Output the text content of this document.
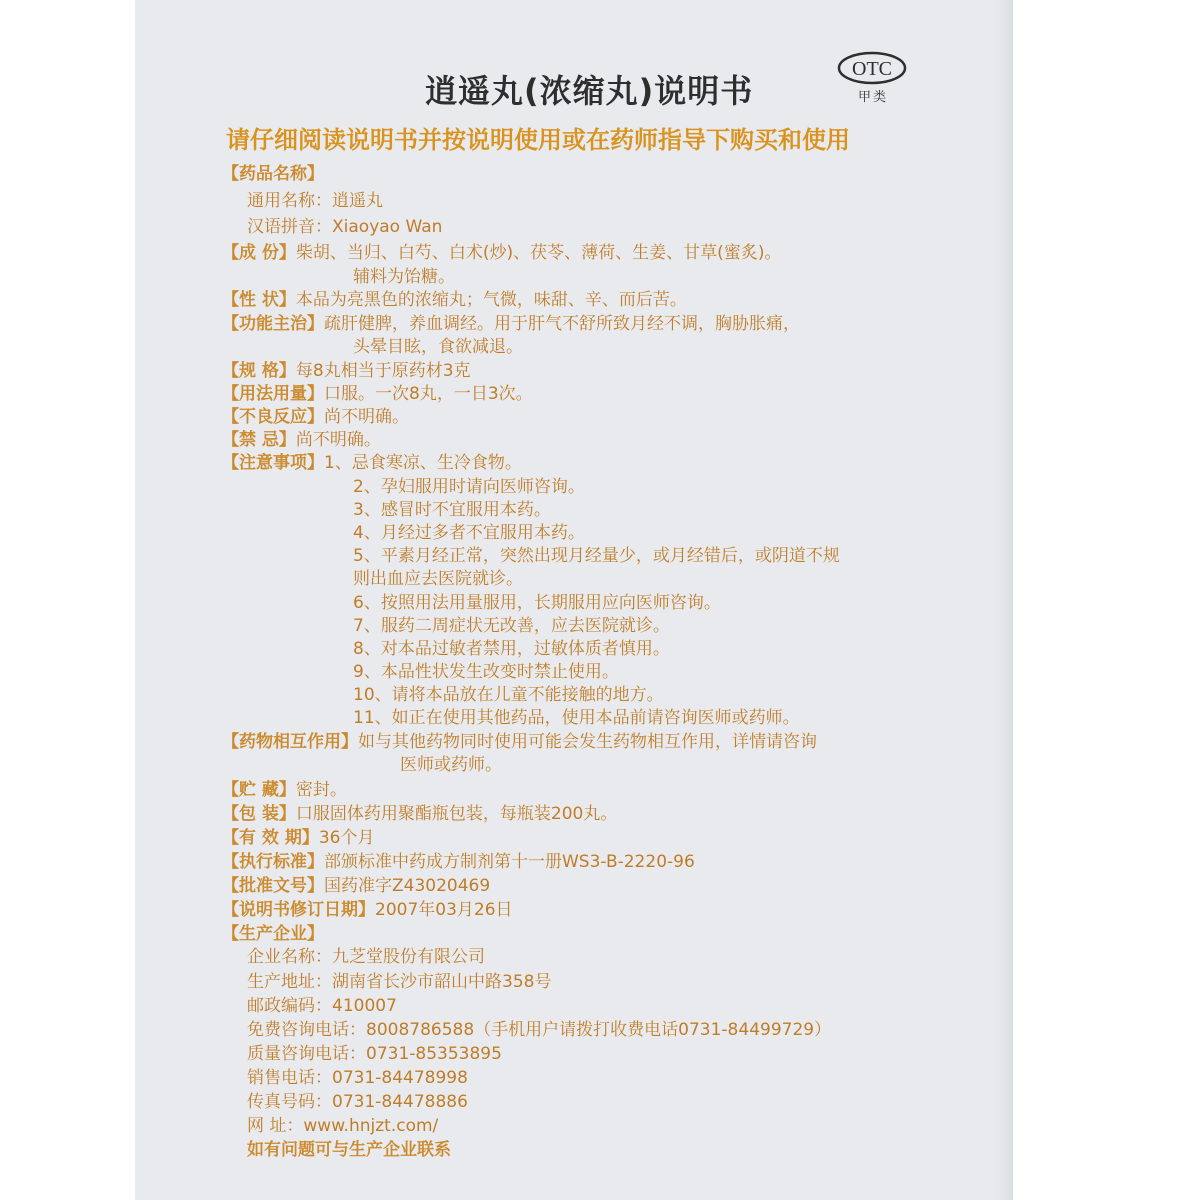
逍遥丸(浓缩丸)说明书
OTC
甲类
请仔细阅读说明书并按说明使用或在药师指导下购买和使用
【药品名称】
通用名称：逍遥丸
汉语拼音：Xiaoyao Wan
【成 份】柴胡、当归、白芍、白术(炒)、茯苓、薄荷、生姜、甘草(蜜炙)。
辅料为饴糖。
【性 状】本品为亮黑色的浓缩丸；气微，味甜、辛、而后苦。
【功能主治】疏肝健脾，养血调经。用于肝气不舒所致月经不调，胸胁胀痛，
头晕目眩，食欲减退。
【规 格】每8丸相当于原药材3克
【用法用量】口服。一次8丸，一日3次。
【不良反应】尚不明确。
【禁 忌】尚不明确。
【注意事项】1、忌食寒凉、生冷食物。
2、孕妇服用时请向医师咨询。
3、感冒时不宜服用本药。
4、月经过多者不宜服用本药。
5、平素月经正常，突然出现月经量少，或月经错后，或阴道不规
则出血应去医院就诊。
6、按照用法用量服用，长期服用应向医师咨询。
7、服药二周症状无改善，应去医院就诊。
8、对本品过敏者禁用，过敏体质者慎用。
9、本品性状发生改变时禁止使用。
10、请将本品放在儿童不能接触的地方。
11、如正在使用其他药品，使用本品前请咨询医师或药师。
【药物相互作用】如与其他药物同时使用可能会发生药物相互作用，详情请咨询
医师或药师。
【贮 藏】密封。
【包 装】口服固体药用聚酯瓶包装，每瓶装200丸。
【有 效 期】36个月
【执行标准】部颁标准中药成方制剂第十一册WS3-B-2220-96
【批准文号】国药准字Z43020469
【说明书修订日期】2007年03月26日
【生产企业】
企业名称：九芝堂股份有限公司
生产地址：湖南省长沙市韶山中路358号
邮政编码：410007
免费咨询电话：8008786588（手机用户请拨打收费电话0731-84499729）
质量咨询电话：0731-85353895
销售电话：0731-84478998
传真号码：0731-84478886
网 址：www.hnjzt.com/
如有问题可与生产企业联系
